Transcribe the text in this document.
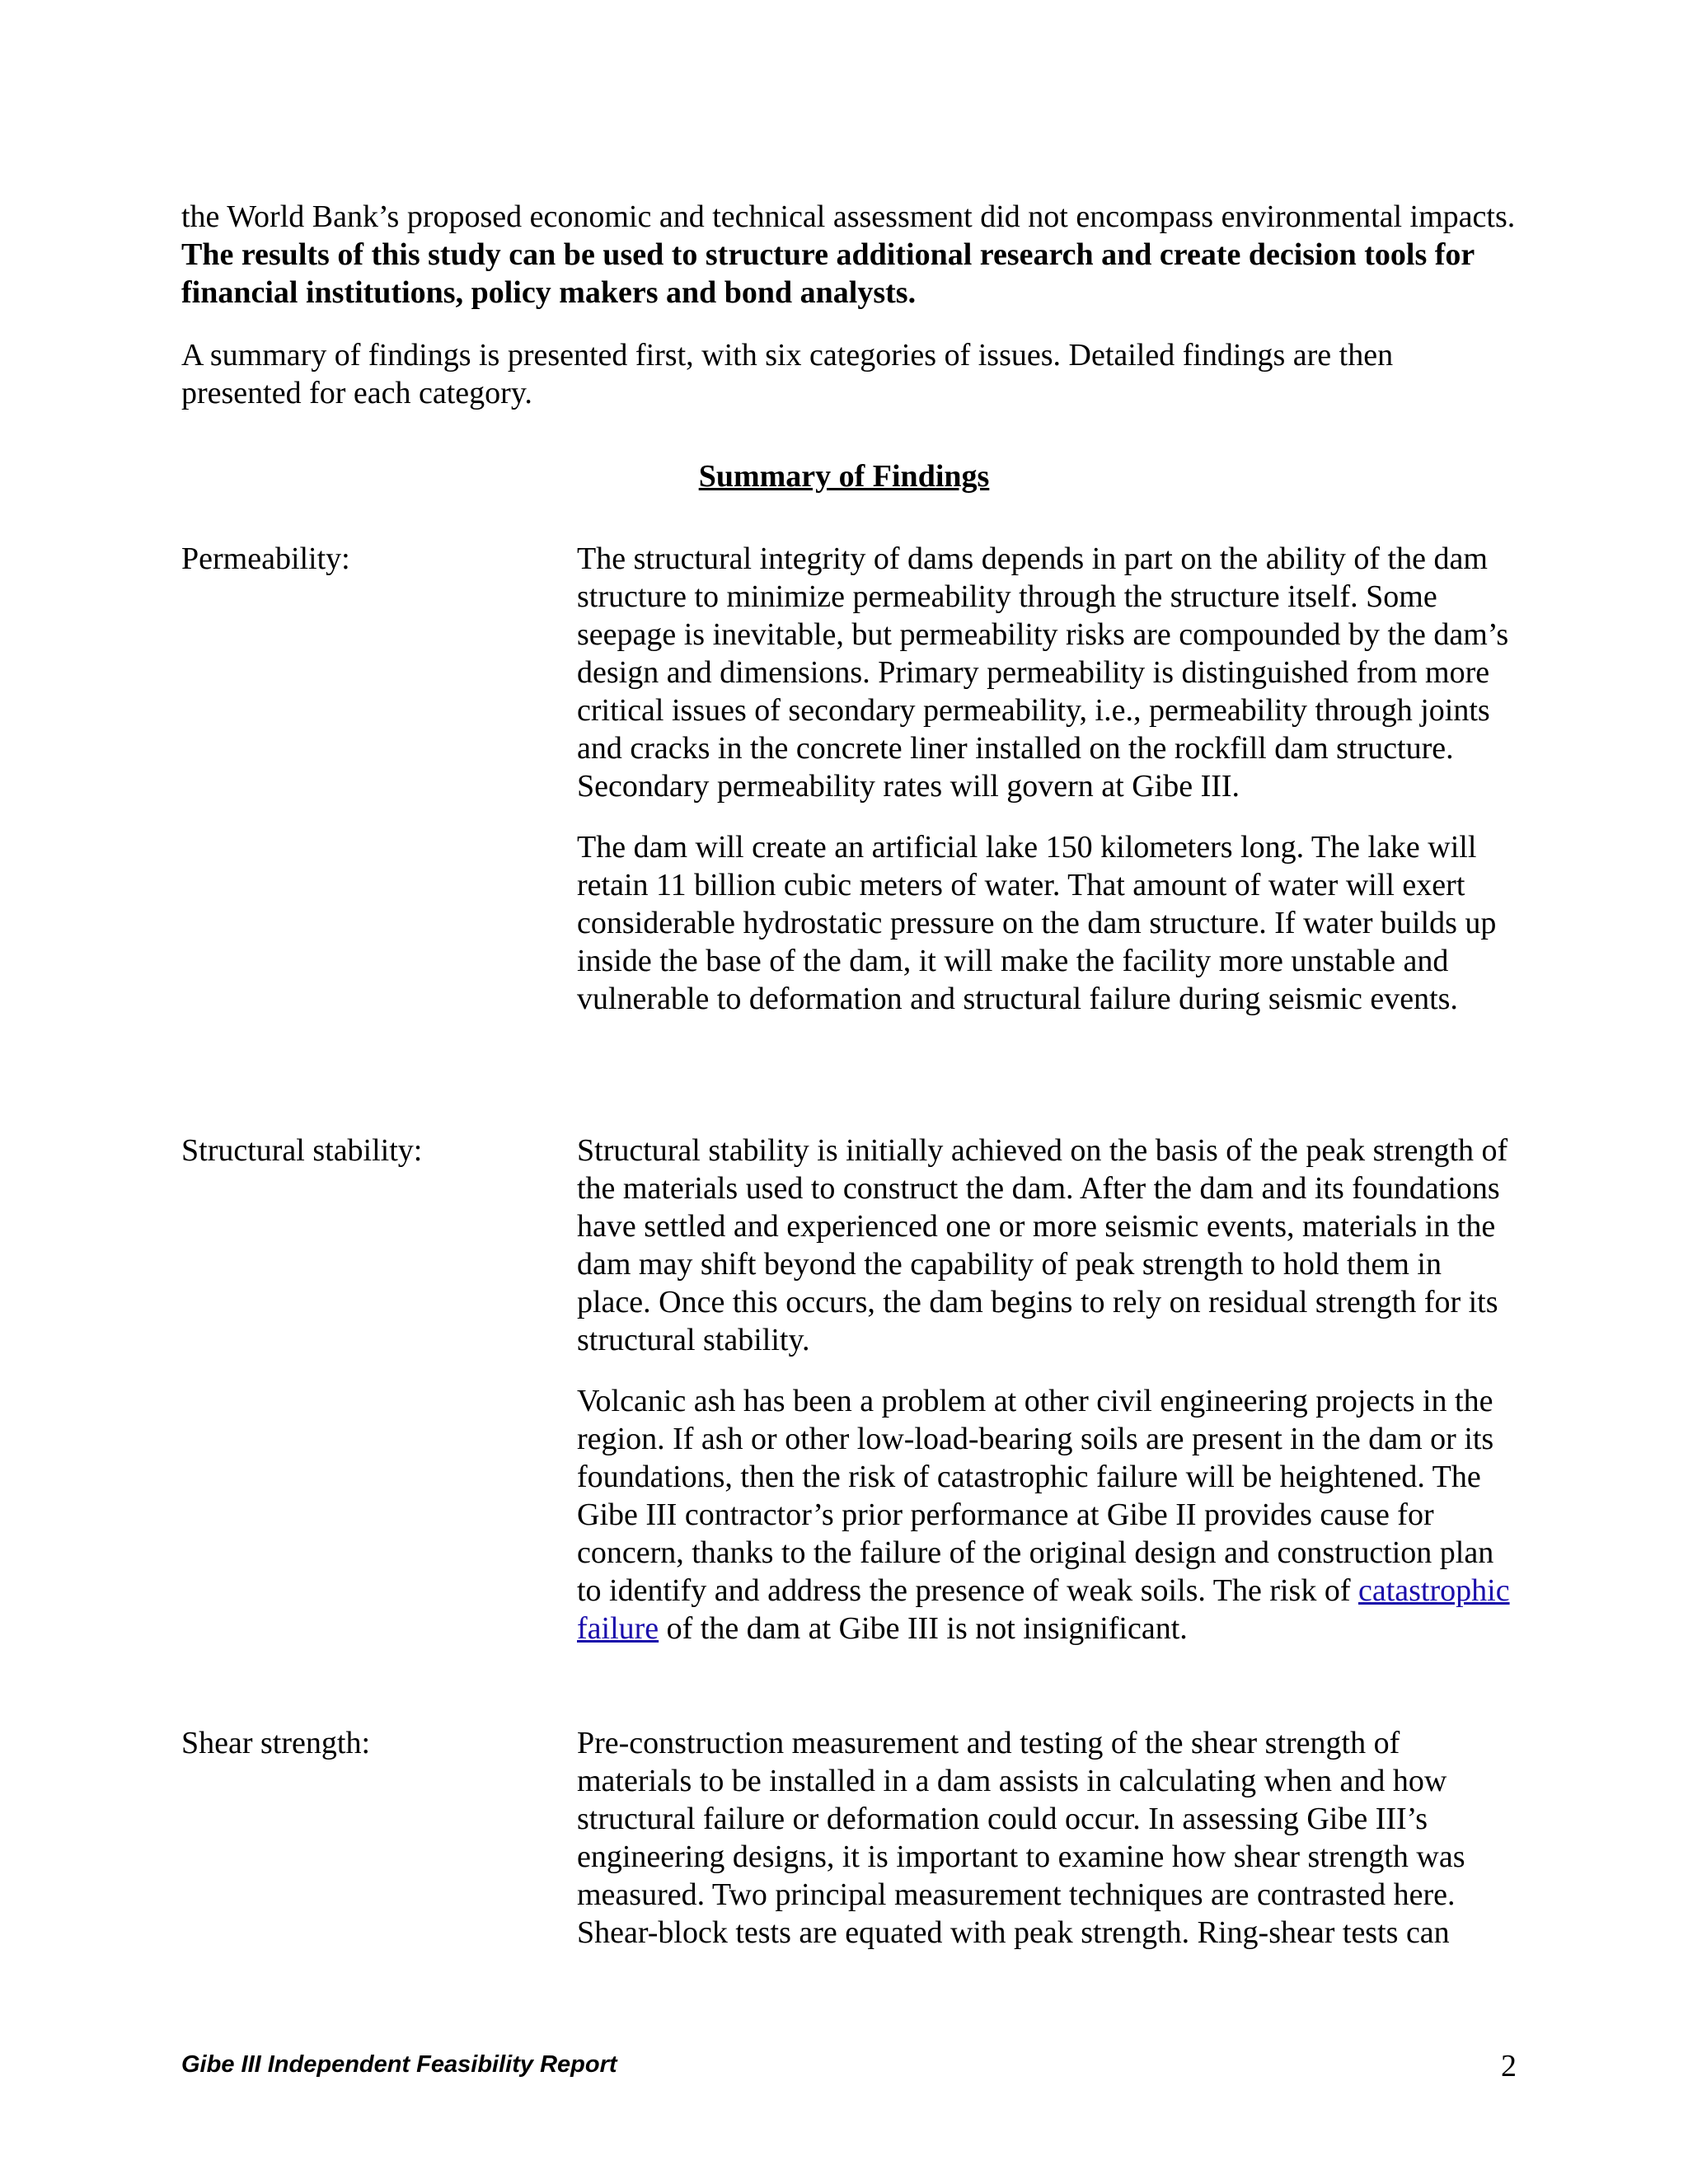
the World Bank’s proposed economic and technical assessment did not encompass environmental impacts. The results of this study can be used to structure additional research and create decision tools for financial institutions, policy makers and bond analysts.
A summary of findings is presented first, with six categories of issues. Detailed findings are then presented for each category.
Summary of Findings
Permeability:	The structural integrity of dams depends in part on the ability of the dam structure to minimize permeability through the structure itself. Some seepage is inevitable, but permeability risks are compounded by the dam’s design and dimensions. Primary permeability is distinguished from more critical issues of secondary permeability, i.e., permeability through joints and cracks in the concrete liner installed on the rockfill dam structure. Secondary permeability rates will govern at Gibe III.

The dam will create an artificial lake 150 kilometers long. The lake will retain 11 billion cubic meters of water. That amount of water will exert considerable hydrostatic pressure on the dam structure. If water builds up inside the base of the dam, it will make the facility more unstable and vulnerable to deformation and structural failure during seismic events.

Structural stability:	Structural stability is initially achieved on the basis of the peak strength of the materials used to construct the dam. After the dam and its foundations have settled and experienced one or more seismic events, materials in the dam may shift beyond the capability of peak strength to hold them in place. Once this occurs, the dam begins to rely on residual strength for its structural stability.

Volcanic ash has been a problem at other civil engineering projects in the region. If ash or other low-load-bearing soils are present in the dam or its foundations, then the risk of catastrophic failure will be heightened. The Gibe III contractor’s prior performance at Gibe II provides cause for concern, thanks to the failure of the original design and construction plan to identify and address the presence of weak soils. The risk of catastrophic failure of the dam at Gibe III is not insignificant.

Shear strength:	Pre-construction measurement and testing of the shear strength of materials to be installed in a dam assists in calculating when and how structural failure or deformation could occur. In assessing Gibe III’s engineering designs, it is important to examine how shear strength was measured. Two principal measurement techniques are contrasted here. Shear-block tests are equated with peak strength. Ring-shear tests can

Gibe III Independent Feasibility Report	2
